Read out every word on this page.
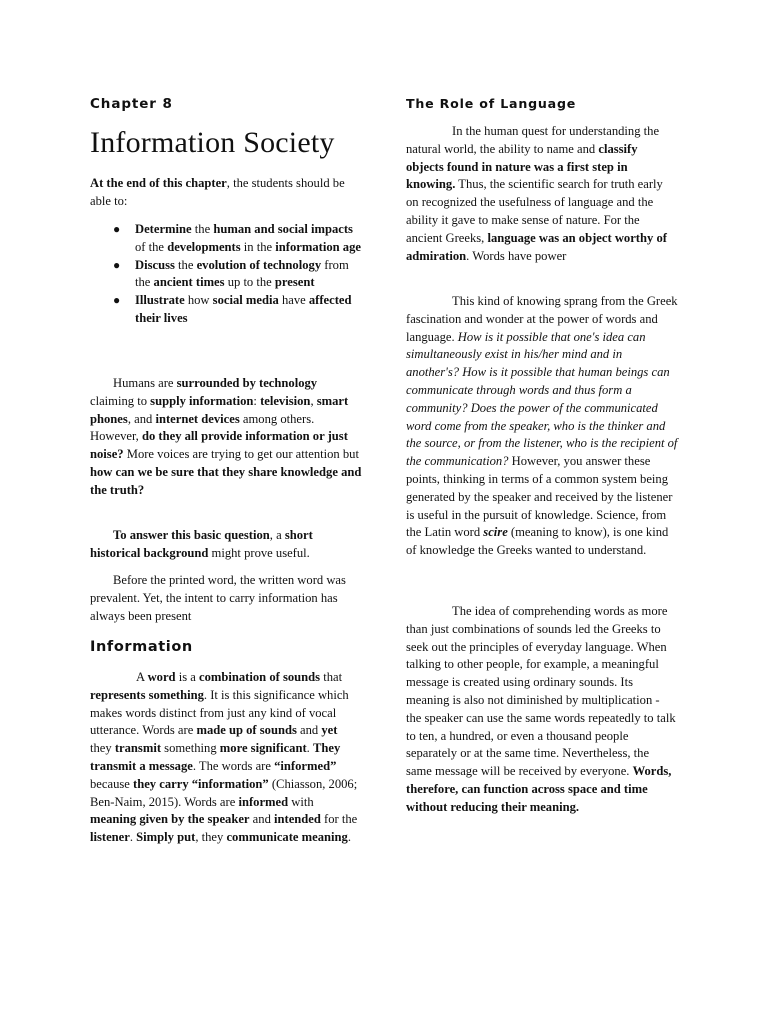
Chapter 8
Information Society

At the end of this chapter, the students should be able to:

● Determine the human and social impacts of the developments in the information age
● Discuss the evolution of technology from the ancient times up to the present
● Illustrate how social media have affected their lives

Humans are surrounded by technology claiming to supply information: television, smart phones, and internet devices among others. However, do they all provide information or just noise? More voices are trying to get our attention but how can we be sure that they share knowledge and the truth?

To answer this basic question, a short historical background might prove useful.

Before the printed word, the written word was prevalent. Yet, the intent to carry information has always been present

Information

A word is a combination of sounds that represents something. It is this significance which makes words distinct from just any kind of vocal utterance. Words are made up of sounds and yet they transmit something more significant. They transmit a message. The words are “informed” because they carry “information” (Chiasson, 2006; Ben-Naim, 2015). Words are informed with meaning given by the speaker and intended for the listener. Simply put, they communicate meaning.

The Role of Language

In the human quest for understanding the natural world, the ability to name and classify objects found in nature was a first step in knowing. Thus, the scientific search for truth early on recognized the usefulness of language and the ability it gave to make sense of nature. For the ancient Greeks, language was an object worthy of admiration. Words have power

This kind of knowing sprang from the Greek fascination and wonder at the power of words and language. How is it possible that one's idea can simultaneously exist in his/her mind and in another's? How is it possible that human beings can communicate through words and thus form a community? Does the power of the communicated word come from the speaker, who is the thinker and the source, or from the listener, who is the recipient of the communication? However, you answer these points, thinking in terms of a common system being generated by the speaker and received by the listener is useful in the pursuit of knowledge. Science, from the Latin word scire (meaning to know), is one kind of knowledge the Greeks wanted to understand.

The idea of comprehending words as more than just combinations of sounds led the Greeks to seek out the principles of everyday language. When talking to other people, for example, a meaningful message is created using ordinary sounds. Its meaning is also not diminished by multiplication - the speaker can use the same words repeatedly to talk to ten, a hundred, or even a thousand people separately or at the same time. Nevertheless, the same message will be received by everyone. Words, therefore, can function across space and time without reducing their meaning.
